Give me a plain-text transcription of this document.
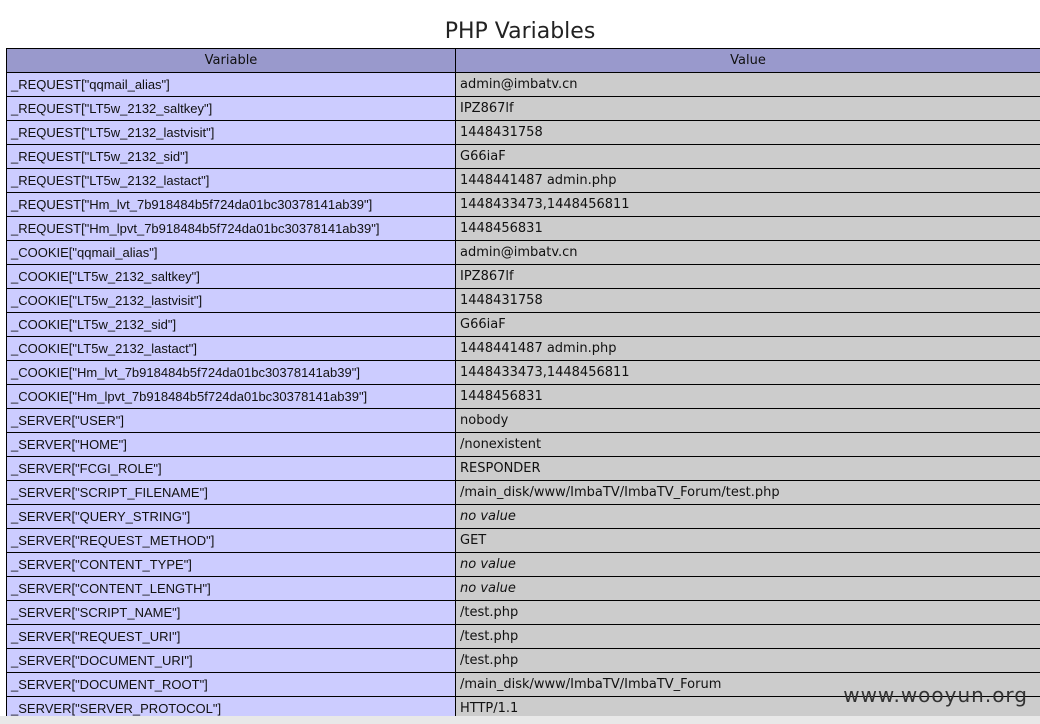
PHP Variables
Variable	Value
_REQUEST["qqmail_alias"]	admin@imbatv.cn
_REQUEST["LT5w_2132_saltkey"]	IPZ867lf
_REQUEST["LT5w_2132_lastvisit"]	1448431758
_REQUEST["LT5w_2132_sid"]	G66iaF
_REQUEST["LT5w_2132_lastact"]	1448441487 admin.php
_REQUEST["Hm_lvt_7b918484b5f724da01bc30378141ab39"]	1448433473,1448456811
_REQUEST["Hm_lpvt_7b918484b5f724da01bc30378141ab39"]	1448456831
_COOKIE["qqmail_alias"]	admin@imbatv.cn
_COOKIE["LT5w_2132_saltkey"]	IPZ867lf
_COOKIE["LT5w_2132_lastvisit"]	1448431758
_COOKIE["LT5w_2132_sid"]	G66iaF
_COOKIE["LT5w_2132_lastact"]	1448441487 admin.php
_COOKIE["Hm_lvt_7b918484b5f724da01bc30378141ab39"]	1448433473,1448456811
_COOKIE["Hm_lpvt_7b918484b5f724da01bc30378141ab39"]	1448456831
_SERVER["USER"]	nobody
_SERVER["HOME"]	/nonexistent
_SERVER["FCGI_ROLE"]	RESPONDER
_SERVER["SCRIPT_FILENAME"]	/main_disk/www/ImbaTV/ImbaTV_Forum/test.php
_SERVER["QUERY_STRING"]	no value
_SERVER["REQUEST_METHOD"]	GET
_SERVER["CONTENT_TYPE"]	no value
_SERVER["CONTENT_LENGTH"]	no value
_SERVER["SCRIPT_NAME"]	/test.php
_SERVER["REQUEST_URI"]	/test.php
_SERVER["DOCUMENT_URI"]	/test.php
_SERVER["DOCUMENT_ROOT"]	/main_disk/www/ImbaTV/ImbaTV_Forum
_SERVER["SERVER_PROTOCOL"]	HTTP/1.1
www.wooyun.org
